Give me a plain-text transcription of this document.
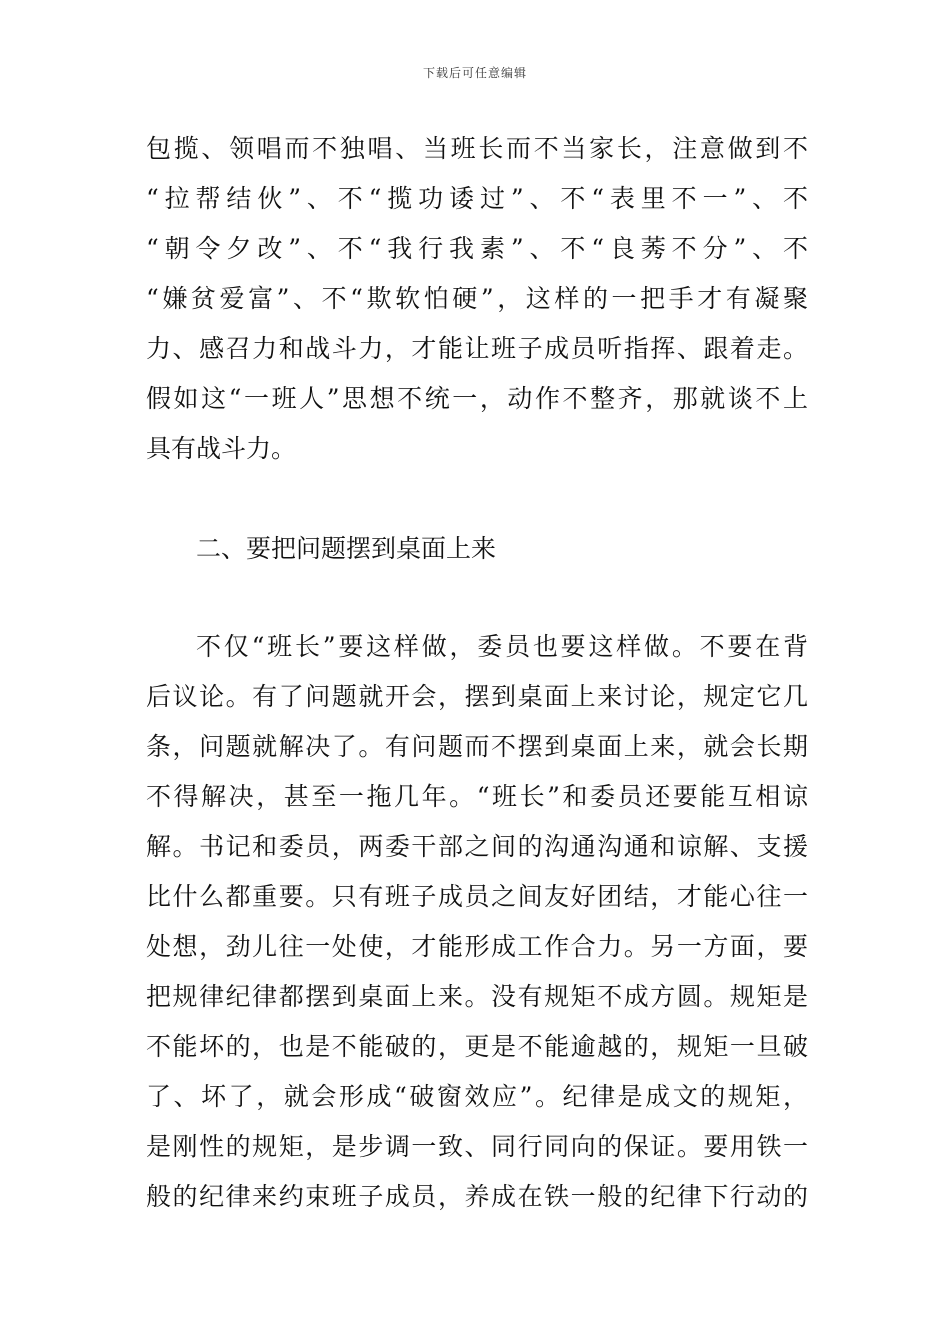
下载后可任意编辑
包揽、领唱而不独唱、当班长而不当家长，注意做到不
“拉帮结伙”、不“揽功诿过”、不“表里不一”、不
“朝令夕改”、不“我行我素”、不“良莠不分”、不
“嫌贫爱富”、不“欺软怕硬”，这样的一把手才有凝聚
力、感召力和战斗力，才能让班子成员听指挥、跟着走。
假如这“一班人”思想不统一，动作不整齐，那就谈不上
具有战斗力。
二、要把问题摆到桌面上来
不仅“班长”要这样做，委员也要这样做。不要在背
后议论。有了问题就开会，摆到桌面上来讨论，规定它几
条，问题就解决了。有问题而不摆到桌面上来，就会长期
不得解决，甚至一拖几年。“班长”和委员还要能互相谅
解。书记和委员，两委干部之间的沟通沟通和谅解、支援
比什么都重要。只有班子成员之间友好团结，才能心往一
处想，劲儿往一处使，才能形成工作合力。另一方面，要
把规律纪律都摆到桌面上来。没有规矩不成方圆。规矩是
不能坏的，也是不能破的，更是不能逾越的，规矩一旦破
了、坏了，就会形成“破窗效应”。纪律是成文的规矩，
是刚性的规矩，是步调一致、同行同向的保证。要用铁一
般的纪律来约束班子成员，养成在铁一般的纪律下行动的
